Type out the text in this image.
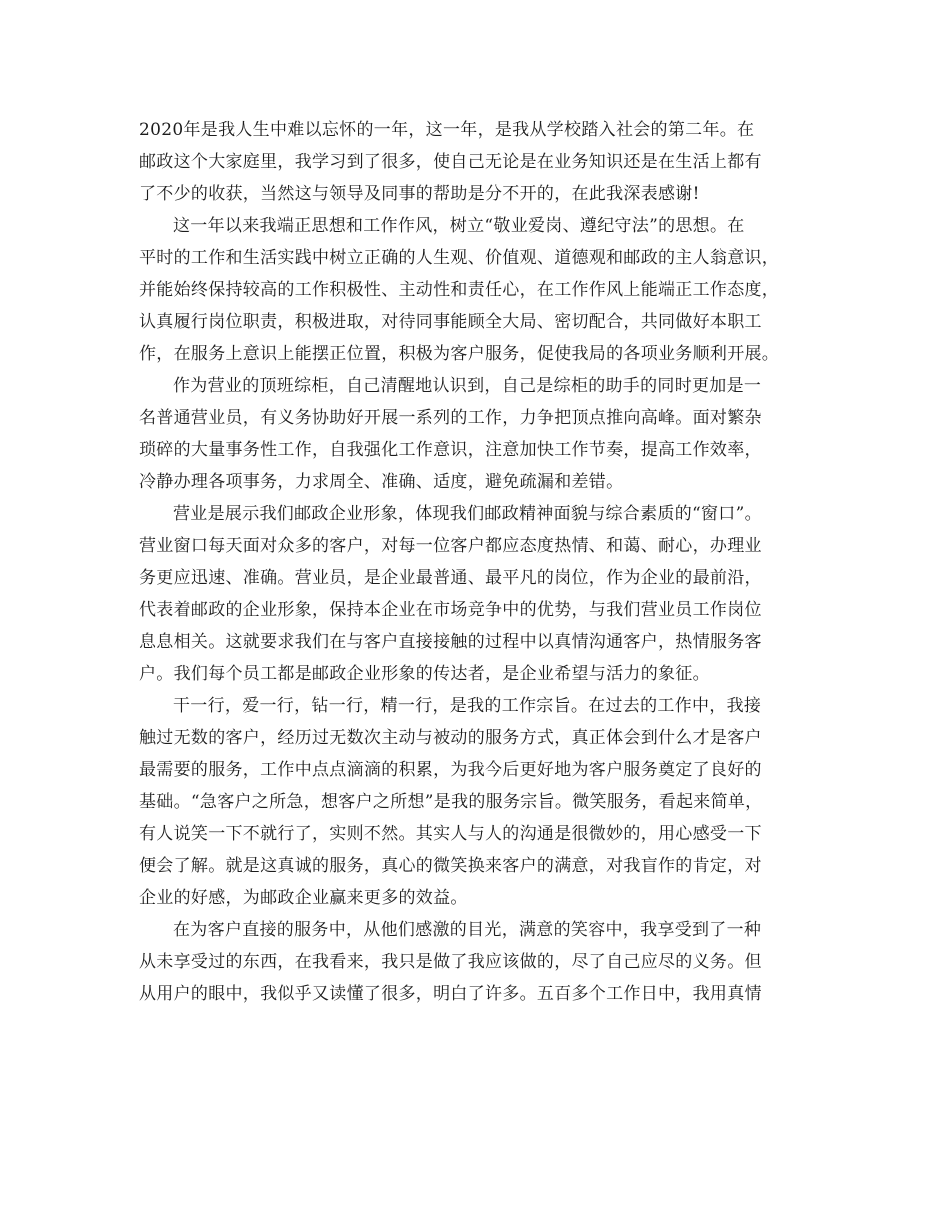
2020年是我人生中难以忘怀的一年，这一年，是我从学校踏入社会的第二年。在
邮政这个大家庭里，我学习到了很多，使自己无论是在业务知识还是在生活上都有
了不少的收获，当然这与领导及同事的帮助是分不开的，在此我深表感谢!
这一年以来我端正思想和工作作风，树立“敬业爱岗、遵纪守法”的思想。在
平时的工作和生活实践中树立正确的人生观、价值观、道德观和邮政的主人翁意识，
并能始终保持较高的工作积极性、主动性和责任心，在工作作风上能端正工作态度，
认真履行岗位职责，积极进取，对待同事能顾全大局、密切配合，共同做好本职工
作，在服务上意识上能摆正位置，积极为客户服务，促使我局的各项业务顺利开展。
作为营业的顶班综柜，自己清醒地认识到，自己是综柜的助手的同时更加是一
名普通营业员，有义务协助好开展一系列的工作，力争把顶点推向高峰。面对繁杂
琐碎的大量事务性工作，自我强化工作意识，注意加快工作节奏，提高工作效率，
冷静办理各项事务，力求周全、准确、适度，避免疏漏和差错。
营业是展示我们邮政企业形象，体现我们邮政精神面貌与综合素质的“窗口”。
营业窗口每天面对众多的客户，对每一位客户都应态度热情、和蔼、耐心，办理业
务更应迅速、准确。营业员，是企业最普通、最平凡的岗位，作为企业的最前沿，
代表着邮政的企业形象，保持本企业在市场竞争中的优势，与我们营业员工作岗位
息息相关。这就要求我们在与客户直接接触的过程中以真情沟通客户，热情服务客
户。我们每个员工都是邮政企业形象的传达者，是企业希望与活力的象征。
干一行，爱一行，钻一行，精一行，是我的工作宗旨。在过去的工作中，我接
触过无数的客户，经历过无数次主动与被动的服务方式，真正体会到什么才是客户
最需要的服务，工作中点点滴滴的积累，为我今后更好地为客户服务奠定了良好的
基础。“急客户之所急，想客户之所想”是我的服务宗旨。微笑服务，看起来简单，
有人说笑一下不就行了，实则不然。其实人与人的沟通是很微妙的，用心感受一下
便会了解。就是这真诚的服务，真心的微笑换来客户的满意，对我盲作的肯定，对
企业的好感，为邮政企业赢来更多的效益。
在为客户直接的服务中，从他们感激的目光，满意的笑容中，我享受到了一种
从未享受过的东西，在我看来，我只是做了我应该做的，尽了自己应尽的义务。但
从用户的眼中，我似乎又读懂了很多，明白了许多。五百多个工作日中，我用真情
